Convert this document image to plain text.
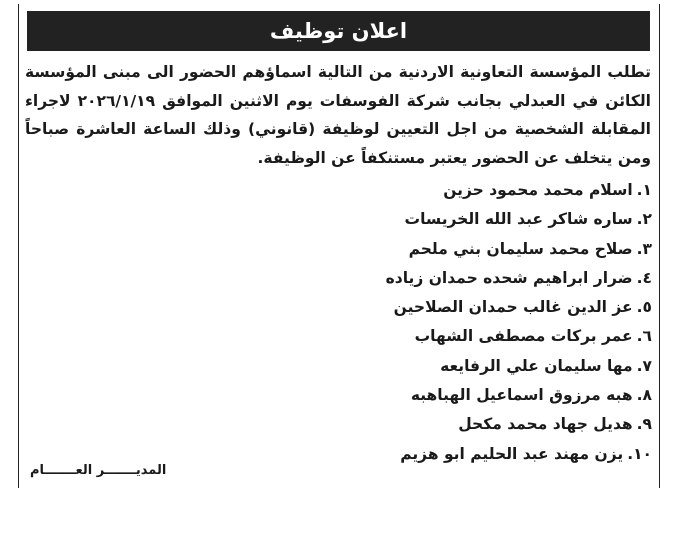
اعلان توظيف
تطلب المؤسسة التعاونية الاردنية من التالية اسماؤهم الحضور الى مبنى المؤسسة الكائن في العبدلي بجانب شركة الفوسفات يوم الاثنين الموافق ٢٠٢٦/١/١٩ لاجراء المقابلة الشخصية من اجل التعيين لوظيفة (قانوني) وذلك الساعة العاشرة صباحاً ومن يتخلف عن الحضور يعتبر مستنكفاً عن الوظيفة.
١.اسلام محمد محمود حزين
٢.ساره شاكر عبد الله الخريسات
٣.صلاح محمد سليمان بني ملحم
٤.ضرار ابراهيم شحده حمدان زياده
٥.عز الدين غالب حمدان الصلاحين
٦.عمر بركات مصطفى الشهاب
٧.مها سليمان علي الرفايعه
٨.هبه مرزوق اسماعيل الهباهبه
٩.هديل جهاد محمد مكحل
١٠.يزن مهند عبد الحليم ابو هزيم
المديـــــــر العـــــــام
